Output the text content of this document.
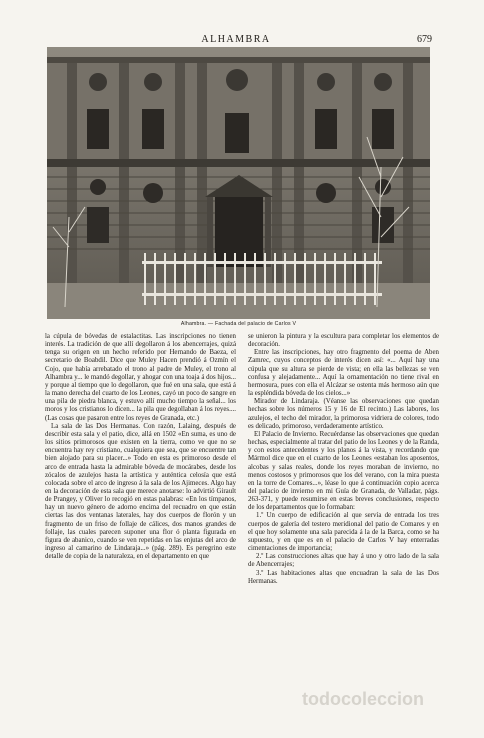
ALHAMBRA	679
Alhambra. — Fachada del palacio de Carlos V

la cúpula de bóvedas de estalactitas. Las inscripciones no tienen interés. La tradición de que allí degollaron á los abencerrajes, quizá tenga su origen en un hecho referido por Hernando de Baeza, el secretario de Boabdil. Dice que Muley Hacen prendió á Ozmín el Cojo, que había arrebatado el trono al padre de Muley, el trono al Alhambra y... le mandó degollar, y ahogar con una toaja á dos hijos... y porque al tiempo que lo degollaron, que fué en una sala, que está á la mano derecha del cuarto de los Leones, cayó un poco de sangre en una pila de piedra blanca, y estuvo allí mucho tiempo la señal... los moros y los cristianos lo dicen... la pila que degollaban á los reyes.... (Las cosas que pasaron entre los reyes de Granada, etc.)

La sala de las Dos Hermanas. Con razón, Lalaing, después de describir esta sala y el patio, dice, allá en 1502 «En suma, es uno de los sitios primorosos que existen en la tierra, como ve que no se encuentra hay rey cristiano, cualquiera que sea, que se encuentre tan bien alojado para su placer...» Todo en esta es primoroso desde el arco de entrada hasta la admirable bóveda de mocárabes, desde los zócalos de azulejos hasta la artística y auténtica celosía que está colocada sobre el arco de ingreso á la sala de los Ajimeces. Algo hay en la decoración de esta sala que merece anotarse: lo advirtió Girault de Prangey, y Oliver lo recogió en estas palabras: «En los tímpanos, hay un nuevo género de adorno encima del recuadro en que están ciertas las dos ventanas laterales, hay dos cuerpos de florón y un fragmento de un friso de follaje de cálices, dos manos grandes de follaje, las cuales parecen suponer una flor ó planta figurada en figura de abanico, cuando se ven repetidas en las enjutas del arco de ingreso al camarino de Lindaraja...» (pág. 289). Es peregrino este detalle de copia de la naturaleza, en el departamento en que

se unieron la pintura y la escultura para completar los elementos de decoración.

Entre las inscripciones, hay otro fragmento del poema de Aben Zamrec, cuyos conceptos de interés dicen así: «... Aquí hay una cúpula que su altura se pierde de vista; en ella las bellezas se ven confusa y alejadamente... Aquí la ornamentación no tiene rival en hermosura, pues con ella el Alcázar se ostenta más hermoso aún que la espléndida bóveda de los cielos...»

Mirador de Lindaraja. (Véanse las observaciones que quedan hechas sobre los números 15 y 16 de El recinto.) Las labores, los azulejos, el techo del mirador, la primorosa vidriera de colores, todo es delicado, primoroso, verdaderamente artístico.

El Palacio de Invierno. Recuérdanse las observaciones que quedan hechas, especialmente al tratar del patio de los Leones y de la Randa, y con estos antecedentes y los planos á la vista, y recordando que Mármol dice que en el cuarto de los Leones «estaban los aposentos, alcobas y salas reales, donde los reyes moraban de invierno, no menos costosos y primorosos que los del verano, con la mira puesta en la torre de Comares...», léase lo que á continuación copio acerca del palacio de invierno en mi Guía de Granada, de Valladar, págs. 263-371, y puede resumirse en estas breves conclusiones, respecto de los departamentos que lo formaban:

1.º Un cuerpo de edificación al que servía de entrada los tres cuerpos de galería del testero meridional del patio de Comares y en el que hoy solamente una sala parecida á la de la Barca, como se ha supuesto, y en que es en el palacio de Carlos V hay enterradas cimentaciones de importancia;

2.º Las construcciones altas que hay á uno y otro lado de la sala de Abencerrajes;

3.º Las habitaciones altas que encuadran la sala de las Dos Hermanas.

todocoleccion
